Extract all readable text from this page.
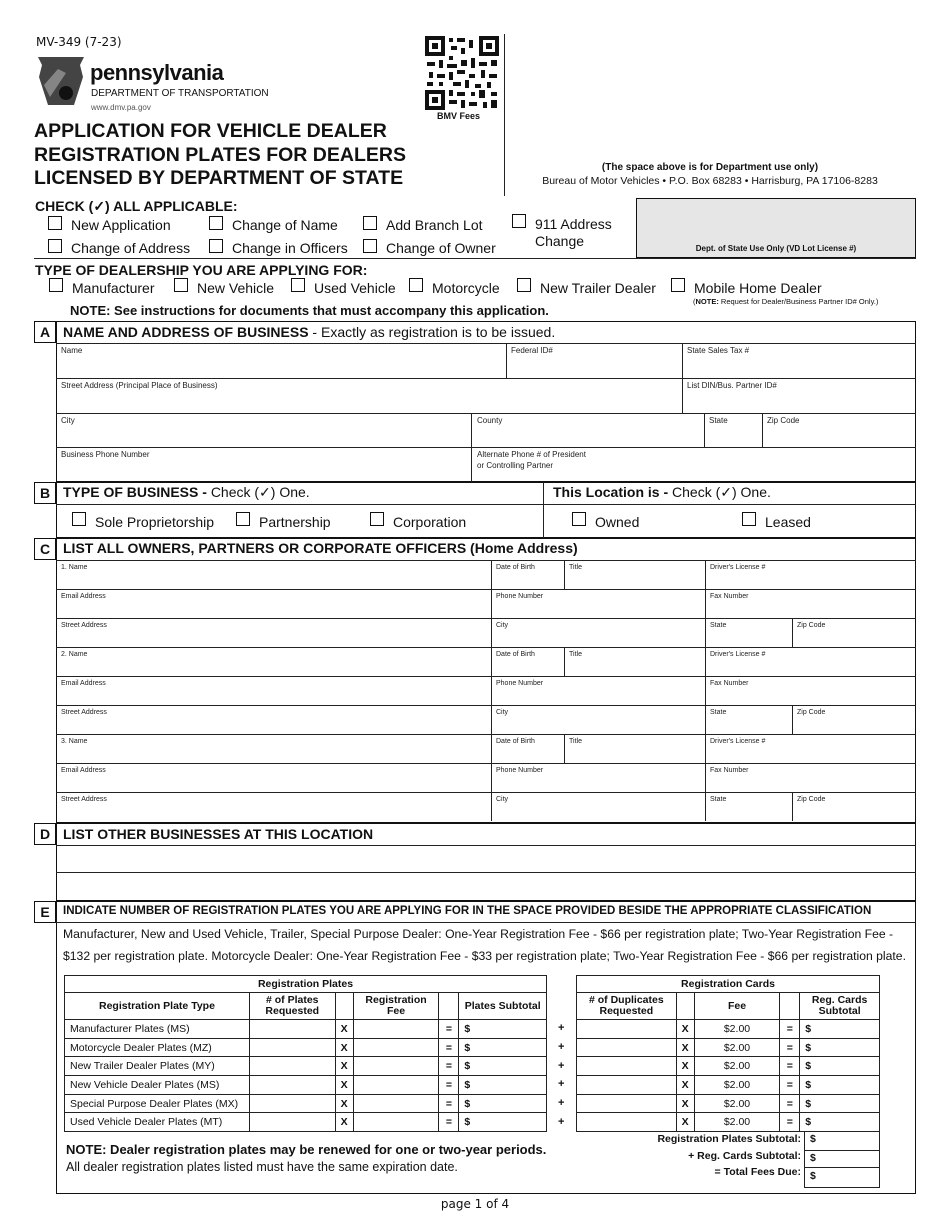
MV-349 (7-23)
pennsylvania
DEPARTMENT OF TRANSPORTATION
www.dmv.pa.gov
BMV Fees
APPLICATION FOR VEHICLE DEALER
REGISTRATION PLATES FOR DEALERS
LICENSED BY DEPARTMENT OF STATE	(The space above is for Department use only)
Bureau of Motor Vehicles • P.O. Box 68283 • Harrisburg, PA 17106-8283
CHECK (✓) ALL APPLICABLE:
New Application	Change of Name	Add Branch Lot	911 Address
Change
Change of Address	Change in Officers	Change of Owner	Dept. of State Use Only (VD Lot License #)
TYPE OF DEALERSHIP YOU ARE APPLYING FOR:
Manufacturer	New Vehicle	Used Vehicle	Motorcycle	New Trailer Dealer	Mobile Home Dealer
(NOTE: Request for Dealer/Business Partner ID# Only.)
NOTE: See instructions for documents that must accompany this application.
A NAME AND ADDRESS OF BUSINESS - Exactly as registration is to be issued.
Name	Federal ID#	State Sales Tax #
Street Address (Principal Place of Business)	List DIN/Bus. Partner ID#
City	County	State	Zip Code
Business Phone Number	Alternate Phone # of President
or Controlling Partner
B TYPE OF BUSINESS - Check (✓) One.	This Location is - Check (✓) One.
Sole Proprietorship	Partnership	Corporation	Owned	Leased
C LIST ALL OWNERS, PARTNERS OR CORPORATE OFFICERS (Home Address)
1. Name	Date of Birth	Title	Driver's License #
Email Address	Phone Number	Fax Number
Street Address	City	State	Zip Code
2. Name	Date of Birth	Title	Driver's License #
Email Address	Phone Number	Fax Number
Street Address	City	State	Zip Code
3. Name	Date of Birth	Title	Driver's License #
Email Address	Phone Number	Fax Number
Street Address	City	State	Zip Code
D LIST OTHER BUSINESSES AT THIS LOCATION
E	INDICATE NUMBER OF REGISTRATION PLATES YOU ARE APPLYING FOR IN THE SPACE PROVIDED BESIDE THE APPROPRIATE CLASSIFICATION
Manufacturer, New and Used Vehicle, Trailer, Special Purpose Dealer: One-Year Registration Fee - $66 per registration plate; Two-Year Registration Fee -
$132 per registration plate. Motorcycle Dealer: One-Year Registration Fee - $33 per registration plate; Two-Year Registration Fee - $66 per registration plate.
Registration Plates					
Registration Plate Type	# of Plates Requested		Registration Fee		Plates Subtotal
Manufacturer Plates (MS)		X		=	$
Motorcycle Dealer Plates (MZ)		X		=	$
New Trailer Dealer Plates (MY)		X		=	$
New Vehicle Dealer Plates (MS)		X		=	$
Special Purpose Dealer Plates (MX)		X		=	$
Used Vehicle Dealer Plates (MT)		X		=	$
+
+
+
+
+
+
Registration Cards				
# of Duplicates Requested		Fee		Reg. Cards Subtotal
	X	$2.00	=	$
	X	$2.00	=	$
	X	$2.00	=	$
	X	$2.00	=	$
	X	$2.00	=	$
	X	$2.00	=	$
Registration Plates Subtotal:
+ Reg. Cards Subtotal:
= Total Fees Due:
$
$
$
NOTE: Dealer registration plates may be renewed for one or two-year periods.
All dealer registration plates listed must have the same expiration date.
page 1 of 4
